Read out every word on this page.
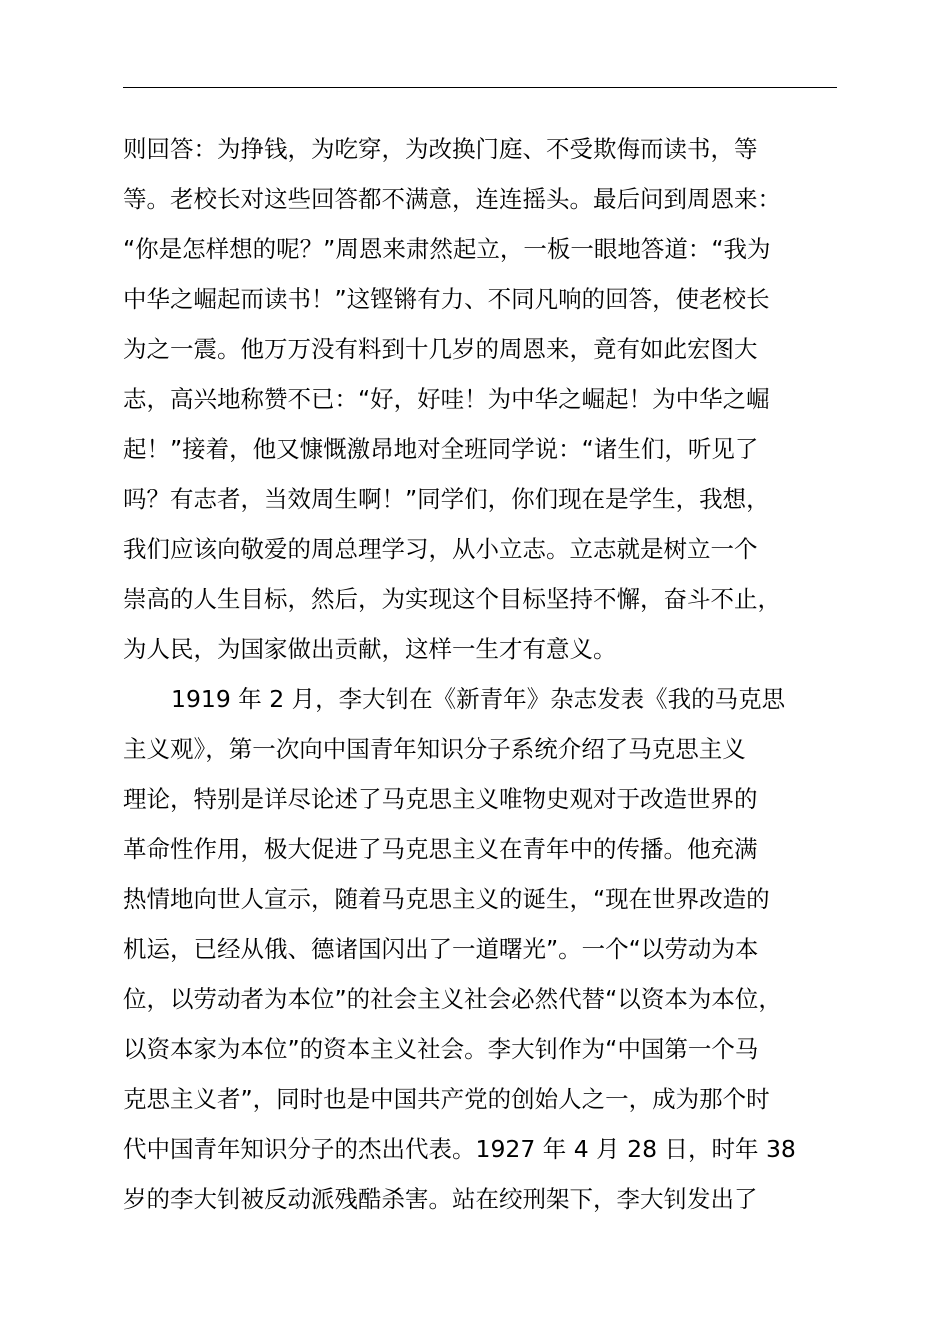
则回答：为挣钱，为吃穿，为改换门庭、不受欺侮而读书，等
等。老校长对这些回答都不满意，连连摇头。最后问到周恩来：
“你是怎样想的呢？”周恩来肃然起立，一板一眼地答道：“我为
中华之崛起而读书！”这铿锵有力、不同凡响的回答，使老校长
为之一震。他万万没有料到十几岁的周恩来，竟有如此宏图大
志，高兴地称赞不已：“好，好哇！为中华之崛起！为中华之崛
起！”接着，他又慷慨激昂地对全班同学说：“诸生们，听见了
吗？有志者，当效周生啊！”同学们，你们现在是学生，我想，
我们应该向敬爱的周总理学习，从小立志。立志就是树立一个
崇高的人生目标，然后，为实现这个目标坚持不懈，奋斗不止，
为人民，为国家做出贡献，这样一生才有意义。
1919 年 2 月，李大钊在《新青年》杂志发表《我的马克思
主义观》，第一次向中国青年知识分子系统介绍了马克思主义
理论，特别是详尽论述了马克思主义唯物史观对于改造世界的
革命性作用，极大促进了马克思主义在青年中的传播。他充满
热情地向世人宣示，随着马克思主义的诞生，“现在世界改造的
机运，已经从俄、德诸国闪出了一道曙光”。一个“以劳动为本
位，以劳动者为本位”的社会主义社会必然代替“以资本为本位，
以资本家为本位”的资本主义社会。李大钊作为“中国第一个马
克思主义者”，同时也是中国共产党的创始人之一，成为那个时
代中国青年知识分子的杰出代表。1927 年 4 月 28 日，时年 38
岁的李大钊被反动派残酷杀害。站在绞刑架下，李大钊发出了
